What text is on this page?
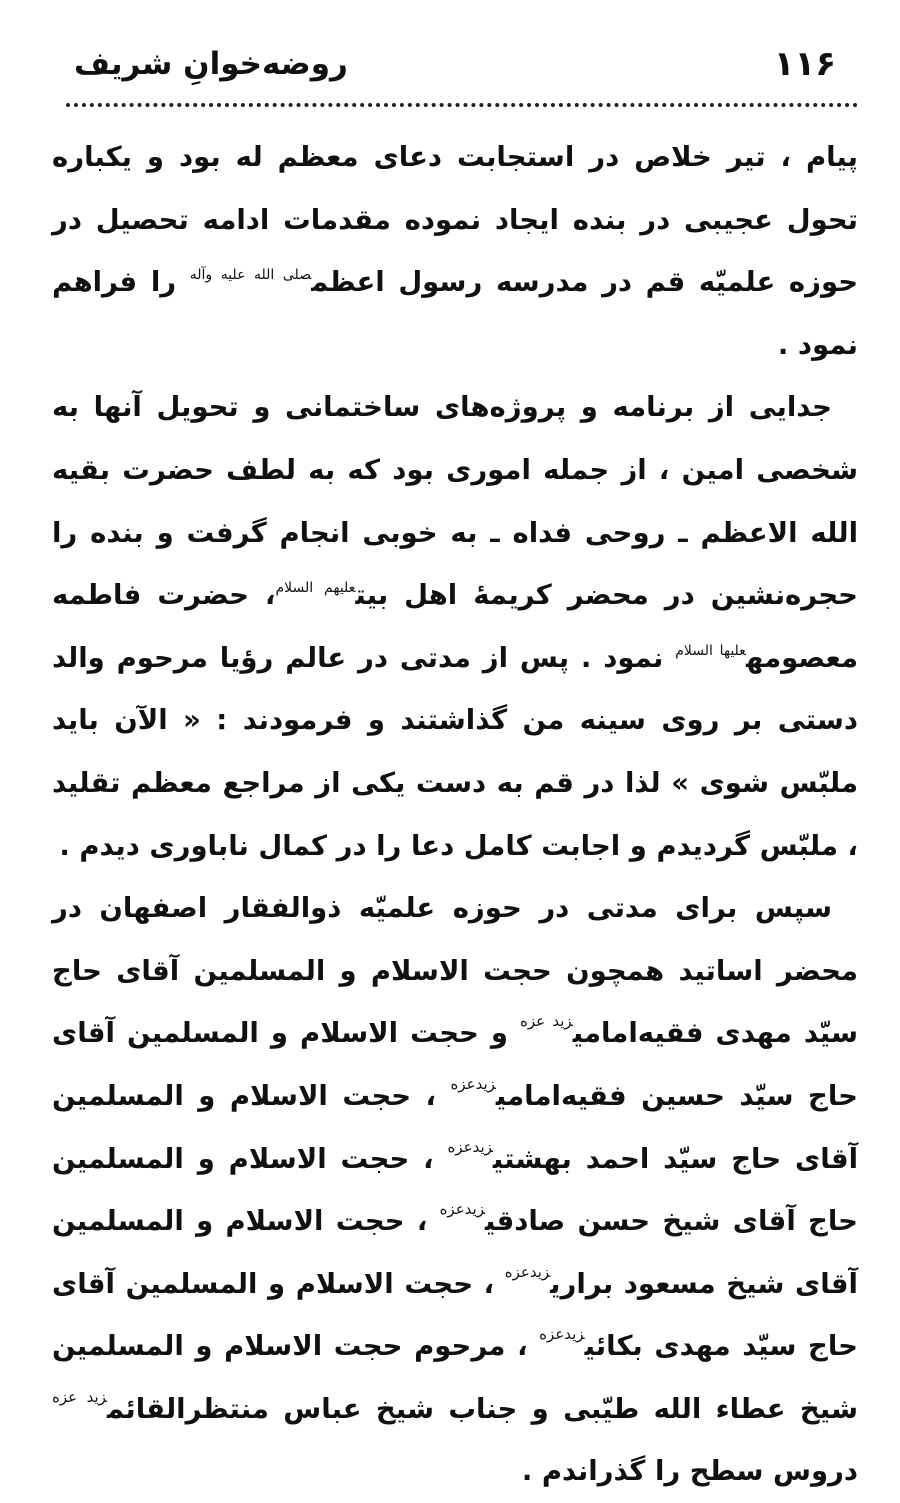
۱۱۶
روضه‌خوانِ شریف

پیام ، تیر خلاص در استجابت دعای معظم له بود و یکباره تحول عجیبی در بنده ایجاد نموده مقدمات ادامه تحصیل در حوزه علمیّه قم در مدرسه رسول اعظم$^{صلی الله علیه وآله}$ را فراهم نمود .

جدایی از برنامه و پروژه‌های ساختمانی و تحویل آنها به شخصی امین ، از جمله اموری بود که به لطف حضرت بقیه الله الاعظم ـ روحی فداه ـ به خوبی انجام گرفت و بنده را حجره‌نشین در محضر کریمۀ اهل بیت$^{علیهم السلام}$، حضرت فاطمه معصومه$^{علیها السلام}$ نمود . پس از مدتی در عالم رؤیا مرحوم والد دستی بر روی سینه من گذاشتند و فرمودند : « الآن باید ملبّس شوی » لذا در قم به دست یکی از مراجع معظم تقلید ، ملبّس گردیدم و اجابت کامل دعا را در کمال ناباوری دیدم .

سپس برای مدتی در حوزه علمیّه ذوالفقار اصفهان در محضر اساتید همچون حجت الاسلام و المسلمین آقای حاج سیّد مهدی فقیه‌امامی$^{زید عزه}$ و حجت الاسلام و المسلمین آقای حاج سیّد حسین فقیه‌امامی$^{زیدعزه}$ ، حجت الاسلام و المسلمین آقای حاج سیّد احمد بهشتی$^{زیدعزه}$ ، حجت الاسلام و المسلمین حاج آقای شیخ حسن صادقی$^{زیدعزه}$ ، حجت الاسلام و المسلمین آقای شیخ مسعود براری$^{زیدعزه}$ ، حجت الاسلام و المسلمین آقای حاج سیّد مهدی بکائی$^{زیدعزه}$ ، مرحوم حجت الاسلام و المسلمین شیخ عطاء الله طیّبی و جناب شیخ عباس منتظرالقائم$^{زید عزه}$ دروس سطح را گذراندم .
